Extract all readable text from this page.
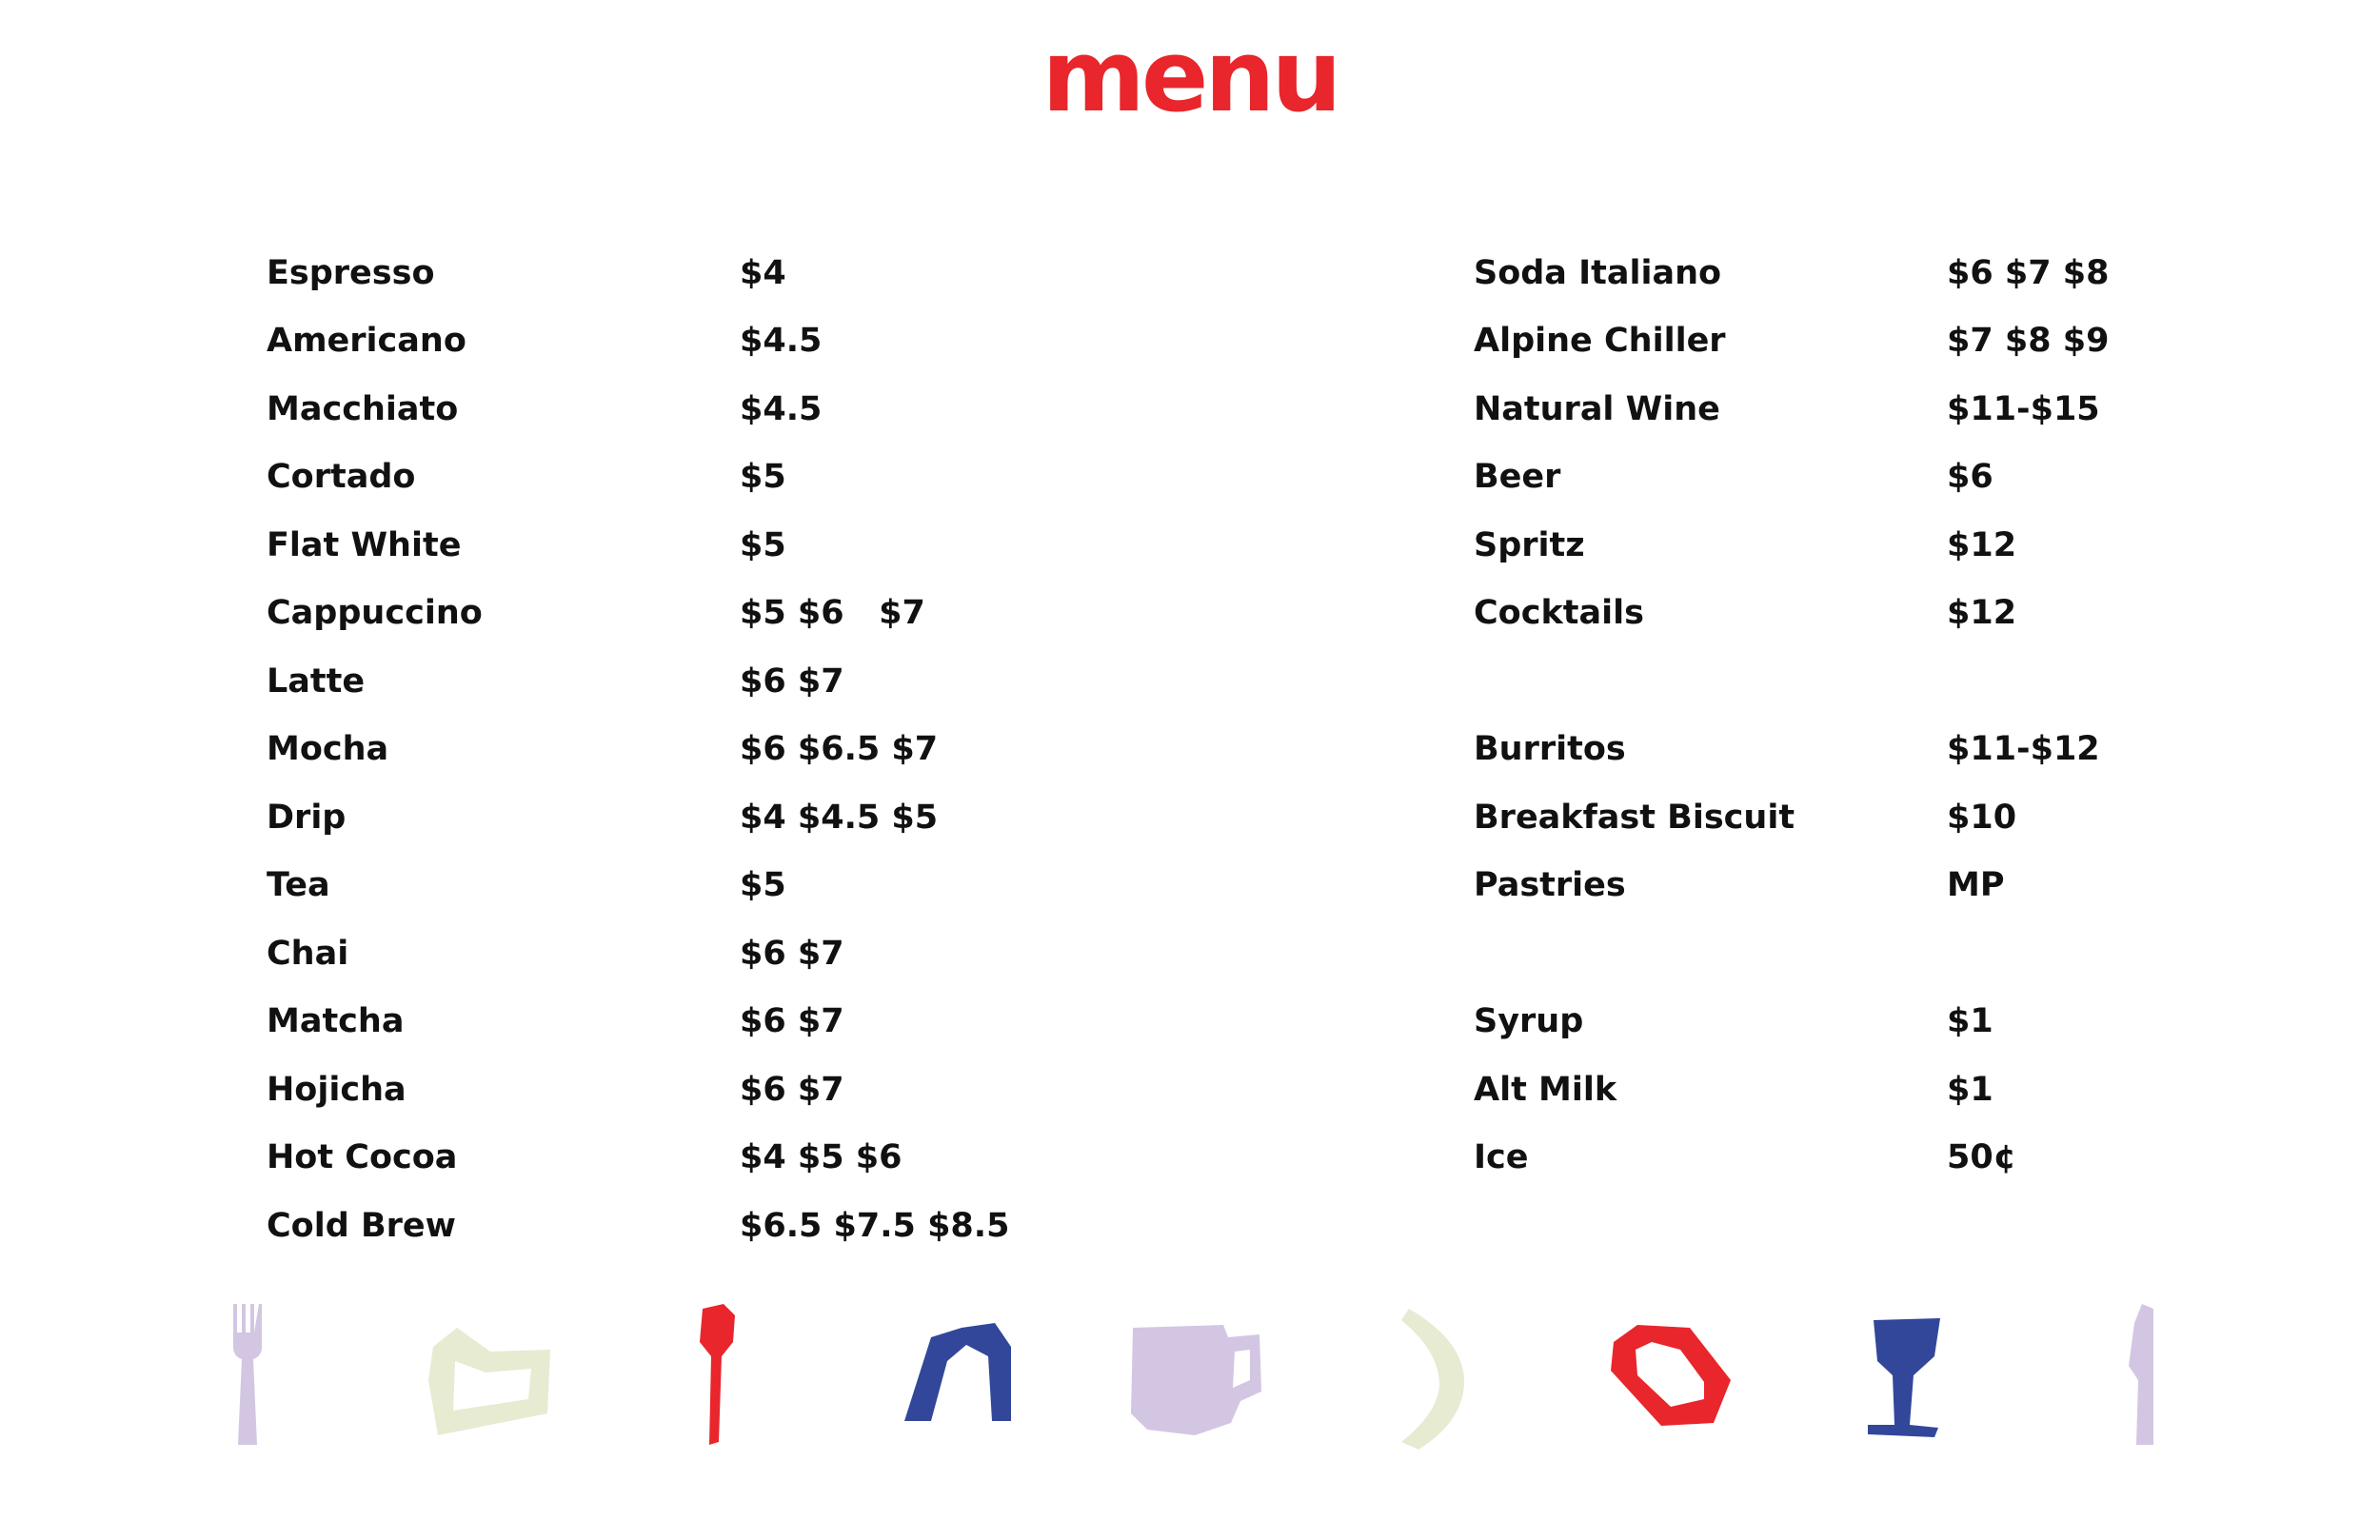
menu
Espresso	$4
Americano	$4.5
Macchiato	$4.5
Cortado	$5
Flat White	$5
Cappuccino	$5 $6   $7
Latte	$6 $7
Mocha	$6 $6.5 $7
Drip	$4 $4.5 $5
Tea	$5
Chai	$6 $7
Matcha	$6 $7
Hojicha	$6 $7
Hot Cocoa	$4 $5 $6
Cold Brew	$6.5 $7.5 $8.5
Soda Italiano	$6 $7 $8
Alpine Chiller	$7 $8 $9
Natural Wine	$11-$15
Beer	$6
Spritz	$12
Cocktails	$12
Burritos	$11-$12
Breakfast Biscuit	$10
Pastries	MP
Syrup	$1
Alt Milk	$1
Ice	50¢
